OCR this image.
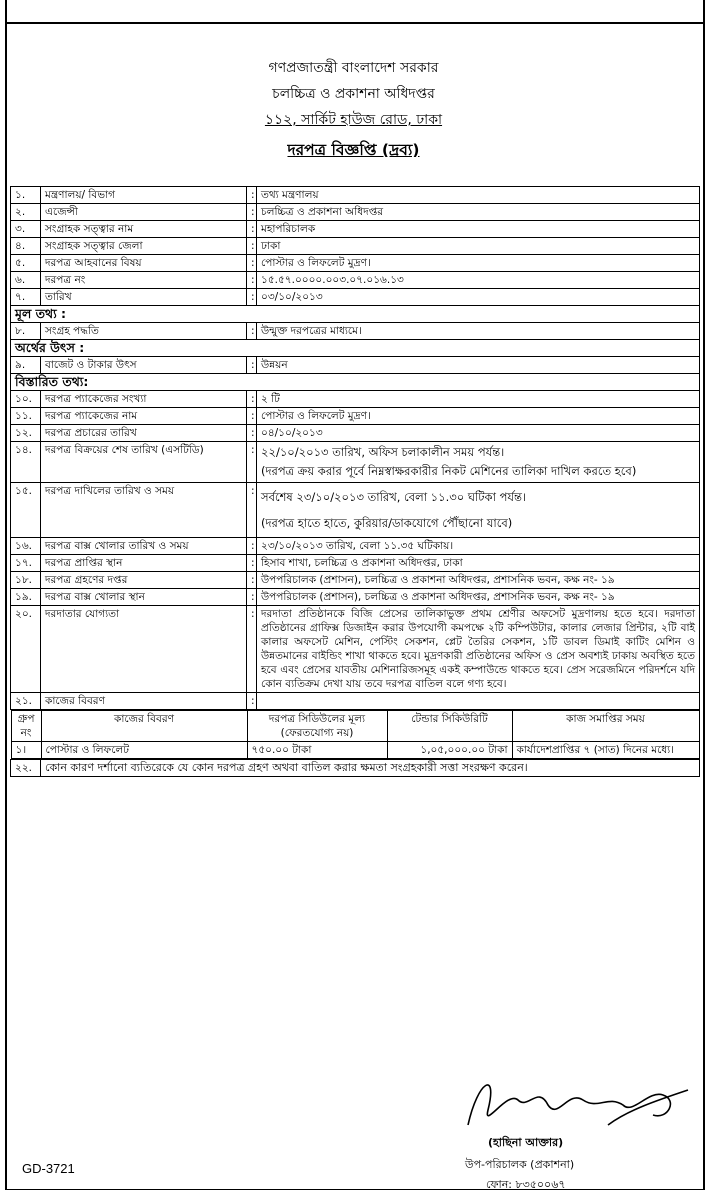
গণপ্রজাতন্ত্রী বাংলাদেশ সরকার
চলচ্চিত্র ও প্রকাশনা অধিদপ্তর
১১২, সার্কিট হাউজ রোড, ঢাকা
দরপত্র বিজ্ঞপ্তি (দ্রব্য)
১.	মন্ত্রণালয়/ বিভাগ	:	তথ্য মন্ত্রণালয়
২.	এজেন্সী	:	চলচ্চিত্র ও প্রকাশনা অধিদপ্তর
৩.	সংগ্রাহক সত্ত্বার নাম	:	মহাপরিচালক
৪.	সংগ্রাহক সত্ত্বার জেলা	:	ঢাকা
৫.	দরপত্র আহবানের বিষয়	:	পোস্টার ও লিফলেট মুদ্রণ।
৬.	দরপত্র নং	:	১৫.৫৭.০০০০.০০৩.০৭.০১৬.১৩
৭.	তারিখ	:	০৩/১০/২০১৩
মূল তথ্য :
৮.	সংগ্রহ পদ্ধতি	:	উন্মুক্ত দরপত্রের মাধ্যমে।
অর্থের উৎস :
৯.	বাজেট ও টাকার উৎস	:	উন্নয়ন
বিস্তারিত তথ্য:
১০.	দরপত্র প্যাকেজের সংখ্যা	:	২ টি
১১.	দরপত্র প্যাকেজের নাম	:	পোস্টার ও লিফলেট মুদ্রণ।
১২.	দরপত্র প্রচারের তারিখ	:	০৪/১০/২০১৩
১৪.	দরপত্র বিক্রয়ের শেষ তারিখ (এসটিডি)	:	২২/১০/২০১৩ তারিখ, অফিস চলাকালীন সময় পর্যন্ত।
(দরপত্র ক্রয় করার পূর্বে নিম্নস্বাক্ষরকারীর নিকট মেশিনের তালিকা দাখিল করতে হবে)

১৫.	দরপত্র দাখিলের তারিখ ও সময়	:	সর্বশেষ ২৩/১০/২০১৩ তারিখ, বেলা ১১.৩০ ঘটিকা পর্যন্ত।
(দরপত্র হাতে হাতে, কুরিয়ার/ডাকযোগে পৌঁছানো যাবে)

১৬.	দরপত্র বাক্স খোলার তারিখ ও সময়	:	২৩/১০/২০১৩ তারিখ, বেলা ১১.৩৫ ঘটিকায়।
১৭.	দরপত্র প্রাপ্তির স্থান	:	হিসাব শাখা, চলচ্চিত্র ও প্রকাশনা অধিদপ্তর, ঢাকা
১৮.	দরপত্র গ্রহণের দপ্তর	:	উপপরিচালক (প্রশাসন), চলচ্চিত্র ও প্রকাশনা অধিদপ্তর, প্রশাসনিক ভবন, কক্ষ নং- ১৯
১৯.	দরপত্র বাক্স খোলার স্থান	:	উপপরিচালক (প্রশাসন), চলচ্চিত্র ও প্রকাশনা অধিদপ্তর, প্রশাসনিক ভবন, কক্ষ নং- ১৯
২০.	দরদাতার যোগ্যতা	:	দরদাতা প্রতিষ্ঠানকে বিজি প্রেসের তালিকাভুক্ত প্রথম শ্রেণীর অফসেট মুদ্রণালয় হতে হবে। দরদাতা প্রতিষ্ঠানের গ্রাফিক্স ডিজাইন করার উপযোগী কমপক্ষে ২টি কম্পিউটার, কালার লেজার প্রিন্টার, ২টি বাই কালার অফসেট মেশিন, পেস্টিং সেকশন, প্লেট তৈরির সেকশন, ১টি ডাবল ডিমাই কাটিং মেশিন ও উন্নতমানের বাইন্ডিং শাখা থাকতে হবে। মুদ্রণকারী প্রতিষ্ঠানের অফিস ও প্রেস অবশ্যই ঢাকায় অবস্থিত হতে হবে এবং প্রেসের যাবতীয় মেশিনারিজসমূহ একই কম্পাউন্ডে থাকতে হবে। প্রেস সরেজমিনে পরিদর্শনে যদি কোন ব্যতিক্রম দেখা যায় তবে দরপত্র বাতিল বলে গণ্য হবে।
২১.	কাজের বিবরণ	:	

গ্রুপ নং	কাজের বিবরণ	দরপত্র সিডিউলের মূল্য (ফেরতযোগ্য নয়)	টেন্ডার সিকিউরিটি	কাজ সমাপ্তির সময়
১।	পোস্টার ও লিফলেট	৭৫০.০০ টাকা	১,০৫,০০০.০০ টাকা	কার্যাদেশপ্রাপ্তির ৭ (সাত) দিনের মধ্যে।

২২.	কোন কারণ দর্শানো ব্যতিরেকে যে কোন দরপত্র গ্রহণ অথবা বাতিল করার ক্ষমতা সংগ্রহকারী সত্তা সংরক্ষণ করেন।
(হাছিনা আক্তার)
উপ-পরিচালক (প্রকাশনা)
ফোন: ৮৩৫০০৬৭
GD-3721
